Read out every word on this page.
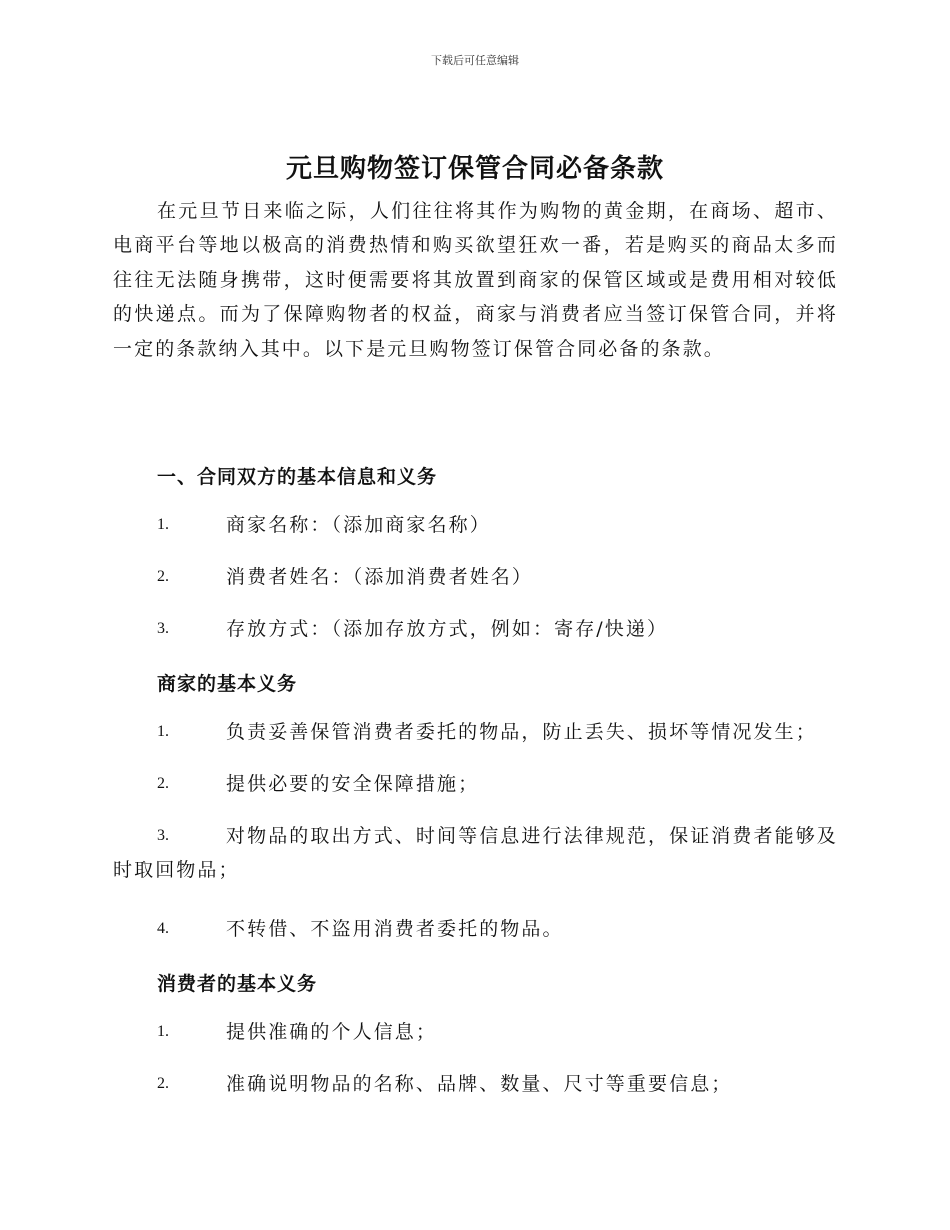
下载后可任意编辑
元旦购物签订保管合同必备条款

在元旦节日来临之际，人们往往将其作为购物的黄金期，在商场、超市、电商平台等地以极高的消费热情和购买欲望狂欢一番，若是购买的商品太多而往往无法随身携带，这时便需要将其放置到商家的保管区域或是费用相对较低的快递点。而为了保障购物者的权益，商家与消费者应当签订保管合同，并将一定的条款纳入其中。以下是元旦购物签订保管合同必备的条款。

一、合同双方的基本信息和义务
1.	商家名称：（添加商家名称）
2.	消费者姓名：（添加消费者姓名）
3.	存放方式：（添加存放方式，例如：寄存/快递）
商家的基本义务
1.	负责妥善保管消费者委托的物品，防止丢失、损坏等情况发生；
2.	提供必要的安全保障措施；
3.	对物品的取出方式、时间等信息进行法律规范，保证消费者能够及时取回物品；
4.	不转借、不盗用消费者委托的物品。
消费者的基本义务
1.	提供准确的个人信息；
2.	准确说明物品的名称、品牌、数量、尺寸等重要信息；
